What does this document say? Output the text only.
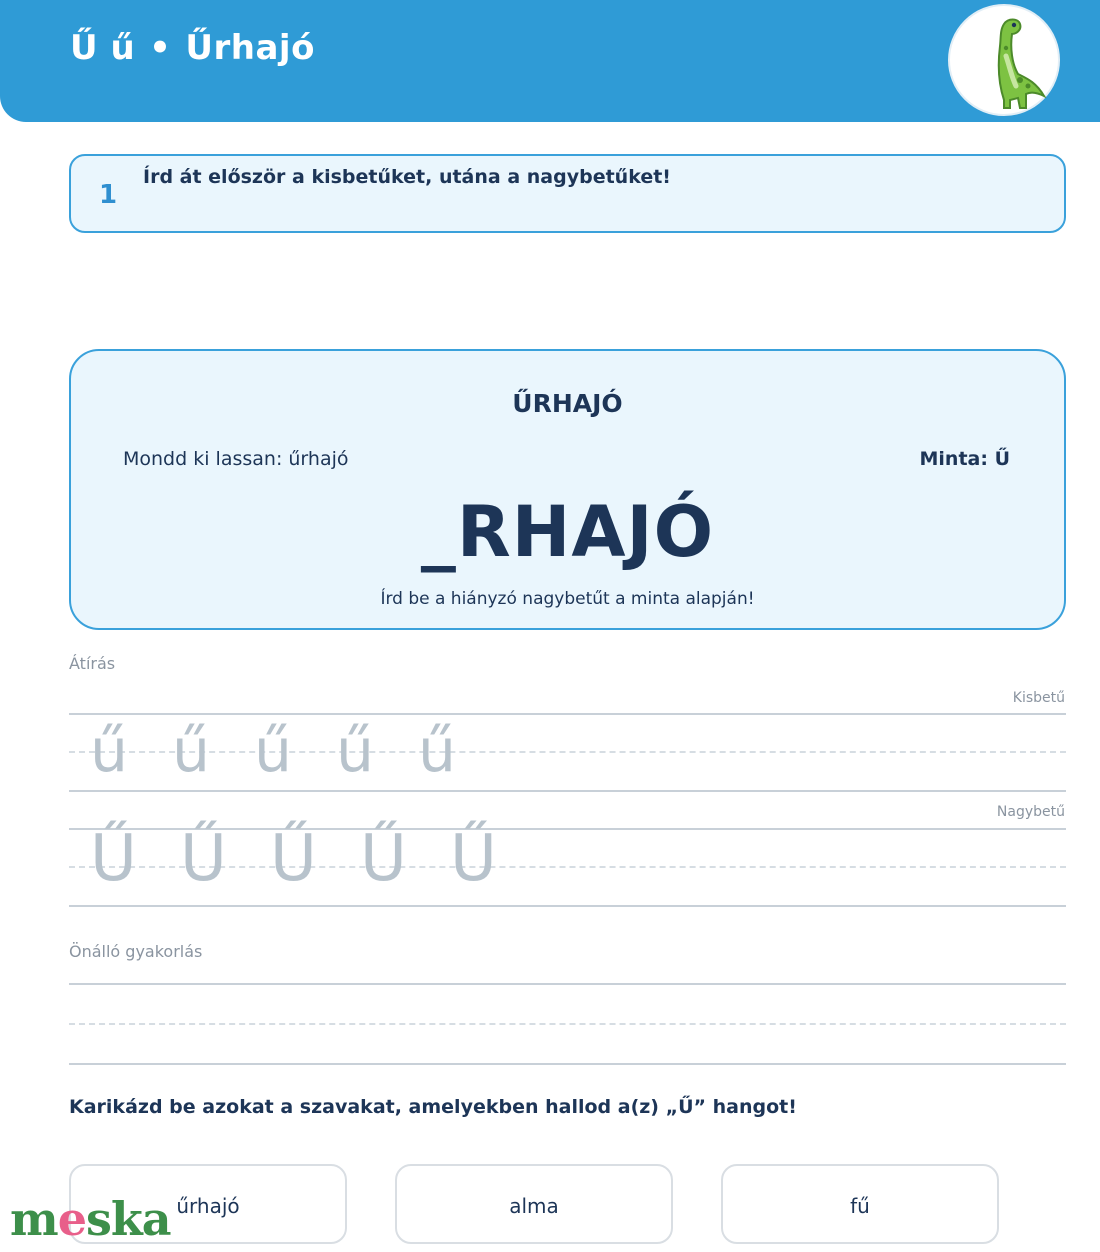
Ű ű • Űrhajó
1
Írd át először a kisbetűket, utána a nagybetűket!
ŰRHAJÓ
Mondd ki lassan: űrhajó	Minta: Ű
_RHAJÓ
Írd be a hiányzó nagybetűt a minta alapján!
Átírás
Kisbetű
ű ű ű ű ű
Nagybetű
Ű Ű Ű Ű Ű
Önálló gyakorlás
Karikázd be azokat a szavakat, amelyekben hallod a(z) „Ű” hangot!
űrhajó	alma	fű
meska
